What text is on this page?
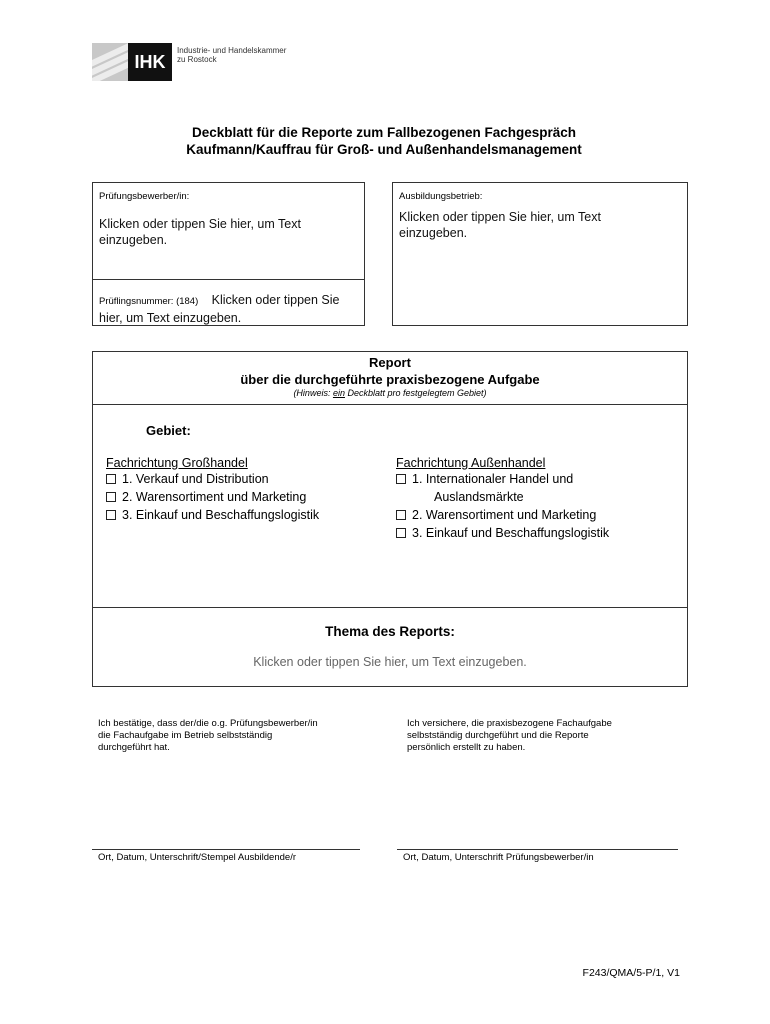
IHK
Industrie- und Handelskammer
zu Rostock
Deckblatt für die Reporte zum Fallbezogenen Fachgespräch
Kaufmann/Kauffrau für Groß- und Außenhandelsmanagement
Prüfungsbewerber/in:
Klicken oder tippen Sie hier, um Text einzugeben.
Prüflingsnummer: (184) Klicken oder tippen Sie hier, um Text einzugeben.
Ausbildungsbetrieb:
Klicken oder tippen Sie hier, um Text einzugeben.
Report
über die durchgeführte praxisbezogene Aufgabe
(Hinweis: ein Deckblatt pro festgelegtem Gebiet)
Gebiet:
Fachrichtung Großhandel
1. Verkauf und Distribution
2. Warensortiment und Marketing
3. Einkauf und Beschaffungslogistik
Fachrichtung Außenhandel
1. Internationaler Handel und
Auslandsmärkte
2. Warensortiment und Marketing
3. Einkauf und Beschaffungslogistik
Thema des Reports:
Klicken oder tippen Sie hier, um Text einzugeben.
Ich bestätige, dass der/die o.g. Prüfungsbewerber/in
die Fachaufgabe im Betrieb selbstständig
durchgeführt hat.
Ich versichere, die praxisbezogene Fachaufgabe
selbstständig durchgeführt und die Reporte
persönlich erstellt zu haben.
Ort, Datum, Unterschrift/Stempel Ausbildende/r	Ort, Datum, Unterschrift Prüfungsbewerber/in
F243/QMA/5-P/1, V1
